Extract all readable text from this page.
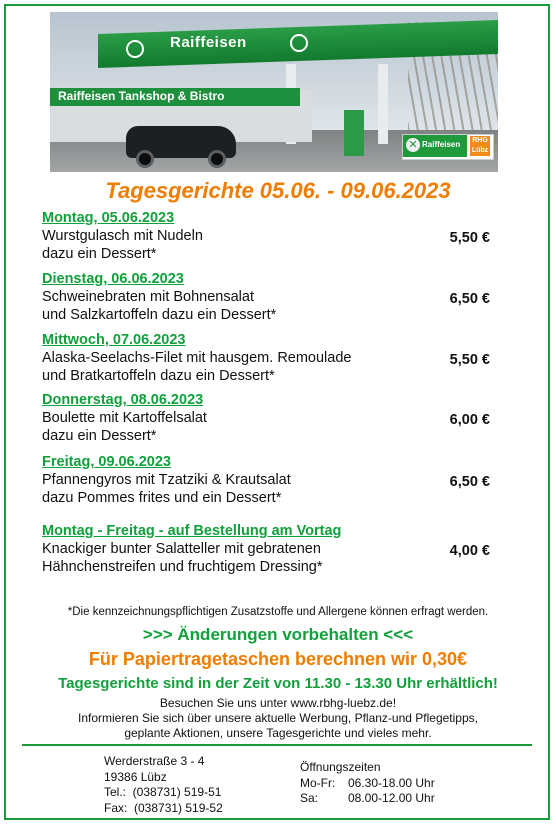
Raiffeisen
Raiffeisen Tankshop & Bistro
✕ Raiffeisen	RHG Lübz
Tagesgerichte 05.06. - 09.06.2023
Montag, 05.06.2023
Wurstgulasch mit Nudeln
dazu ein Dessert*
5,50 €
Dienstag, 06.06.2023
Schweinebraten mit Bohnensalat
und Salzkartoffeln dazu ein Dessert*
6,50 €
Mittwoch, 07.06.2023
Alaska-Seelachs-Filet mit hausgem. Remoulade
und Bratkartoffeln dazu ein Dessert*
5,50 €
Donnerstag, 08.06.2023
Boulette mit Kartoffelsalat
dazu ein Dessert*
6,00 €
Freitag, 09.06.2023
Pfannengyros mit Tzatziki & Krautsalat
dazu Pommes frites und ein Dessert*
6,50 €
Montag - Freitag - auf Bestellung am Vortag
Knackiger bunter Salatteller mit gebratenen
Hähnchenstreifen und fruchtigem Dressing*
4,00 €
*Die kennzeichnungspflichtigen Zusatzstoffe und Allergene können erfragt werden.
>>> Änderungen vorbehalten <<<
Für Papiertragetaschen berechnen wir 0,30€
Tagesgerichte sind in der Zeit von 11.30 - 13.30 Uhr erhältlich!
Besuchen Sie uns unter www.rbhg-luebz.de!
Informieren Sie sich über unsere aktuelle Werbung, Pflanz-und Pflegetipps,
geplante Aktionen, unsere Tagesgerichte und vieles mehr.
Werderstraße 3 - 4
19386 Lübz
Tel.:  (038731) 519-51
Fax:  (038731) 519-52
Öffnungszeiten
Mo-Fr:	06.30-18.00 Uhr
Sa:	08.00-12.00 Uhr
